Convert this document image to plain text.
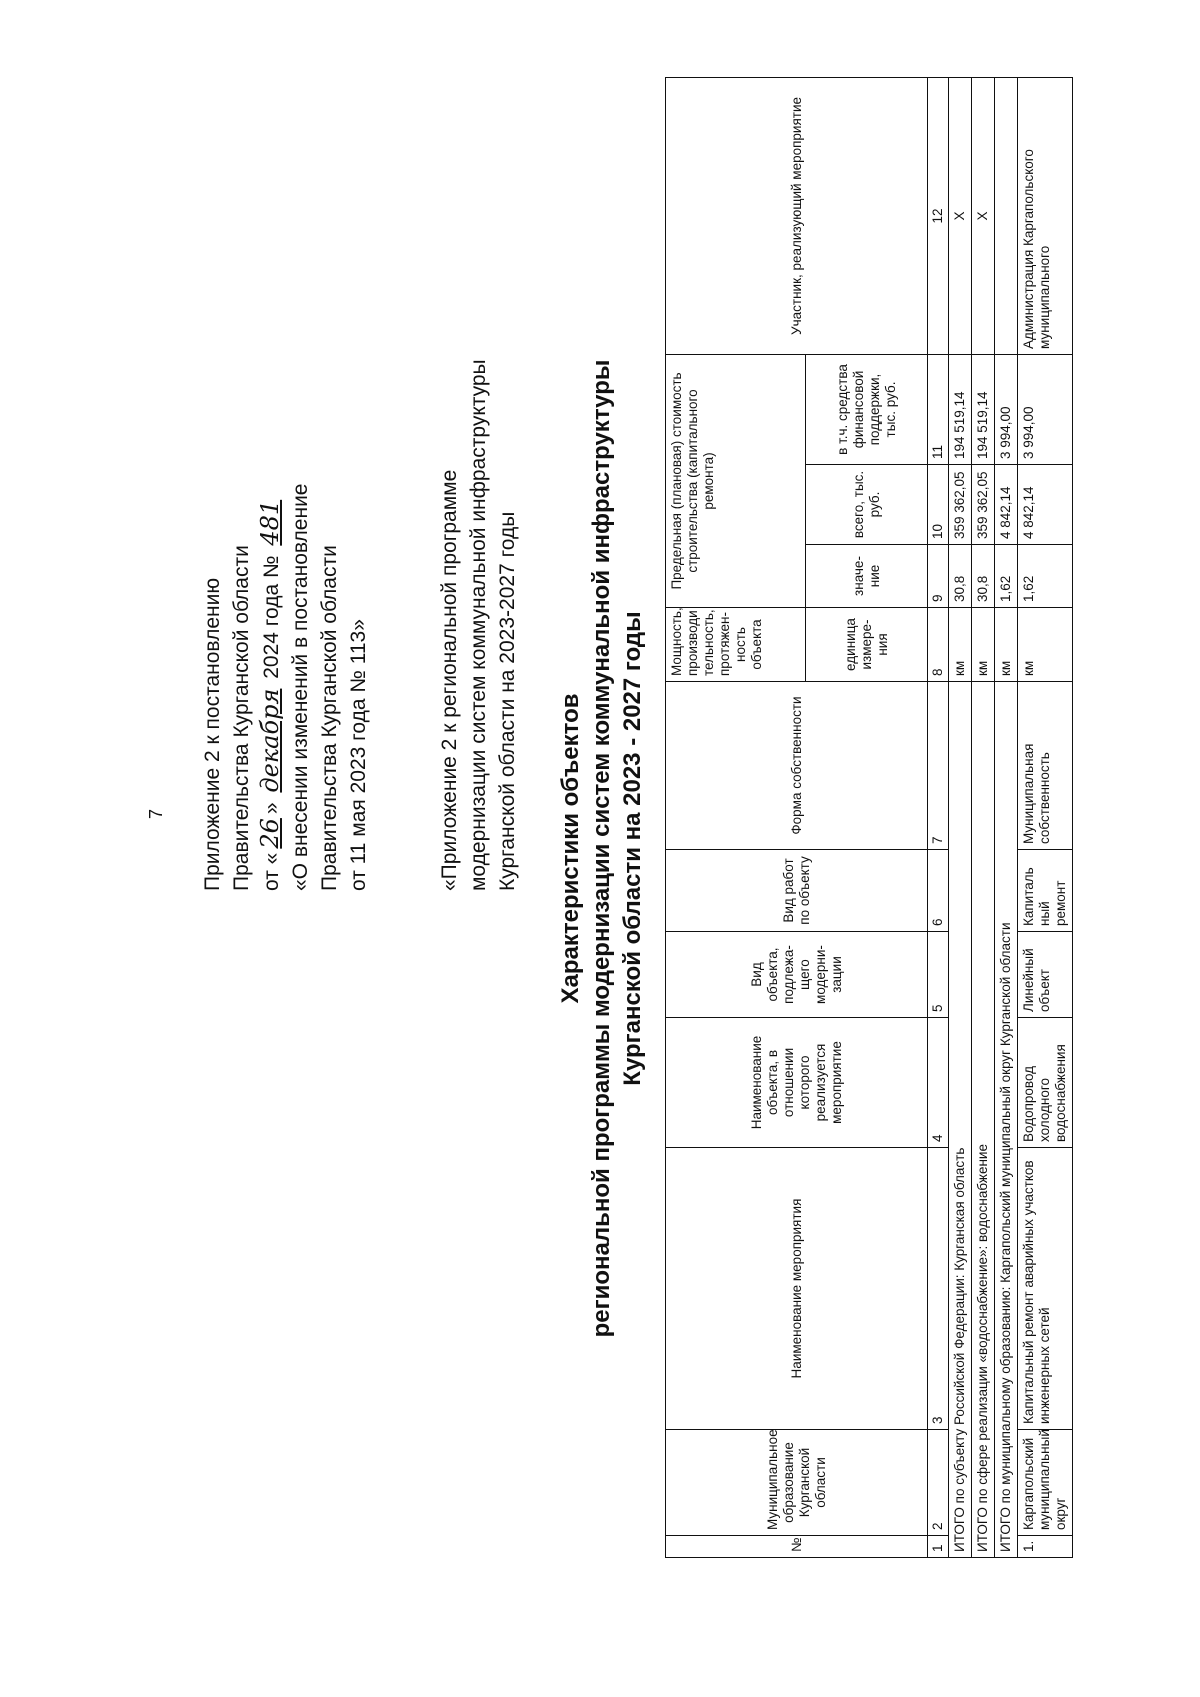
7 Приложение 2 к постановлению Правительства Курганской области от «26» декабря 2024 года № 481 «О внесении изменений в постановление Правительства Курганской области от 11 мая 2023 года № 113»	«Приложение 2 к региональной программе модернизации систем коммунальной инфраструктуры Курганской области на 2023-2027 годы Характеристики объектов региональной программы модернизации систем коммунальной инфраструктуры Курганской области на 2023 - 2027 годы
№	Муниципальное образование Курганской области	Наименование мероприятия	Наименование объекта, в отношении которого реализуется мероприятие	Вид объекта, подлежа-щего модерни-зации	Вид работ по объекту	Форма собственности	Мощность, производи тельность, протяжен-ность объекта	Предельная (плановая) стоимость строительства (капитального ремонта)			Участник, реализующий мероприятие
							единица измере-ния	значе-ние	всего, тыс. руб.	в т.ч. средства финансовой поддержки, тыс. руб.	
1	2	3	4	5	6	7	8	9	10	11	12
ИТОГО по субъекту Российской Федерации: Курганская область							км	30,8	359 362,05	194 519,14	X
ИТОГО по сфере реализации «водоснабжение»: водоснабжение							км	30,8	359 362,05	194 519,14	X
ИТОГО по муниципальному образованию: Каргапольский муниципальный округ Курганской области							км	1,62	4 842,14	3 994,00	
1.	Каргапольский муниципальный округ	Капитальный ремонт аварийных участков инженерных сетей	Водопровод холодного водоснабжения	Линейный объект	Капиталь ный ремонт	Муниципальная собственность	км	1,62	4 842,14	3 994,00	Администрация Каргапольского муниципального
